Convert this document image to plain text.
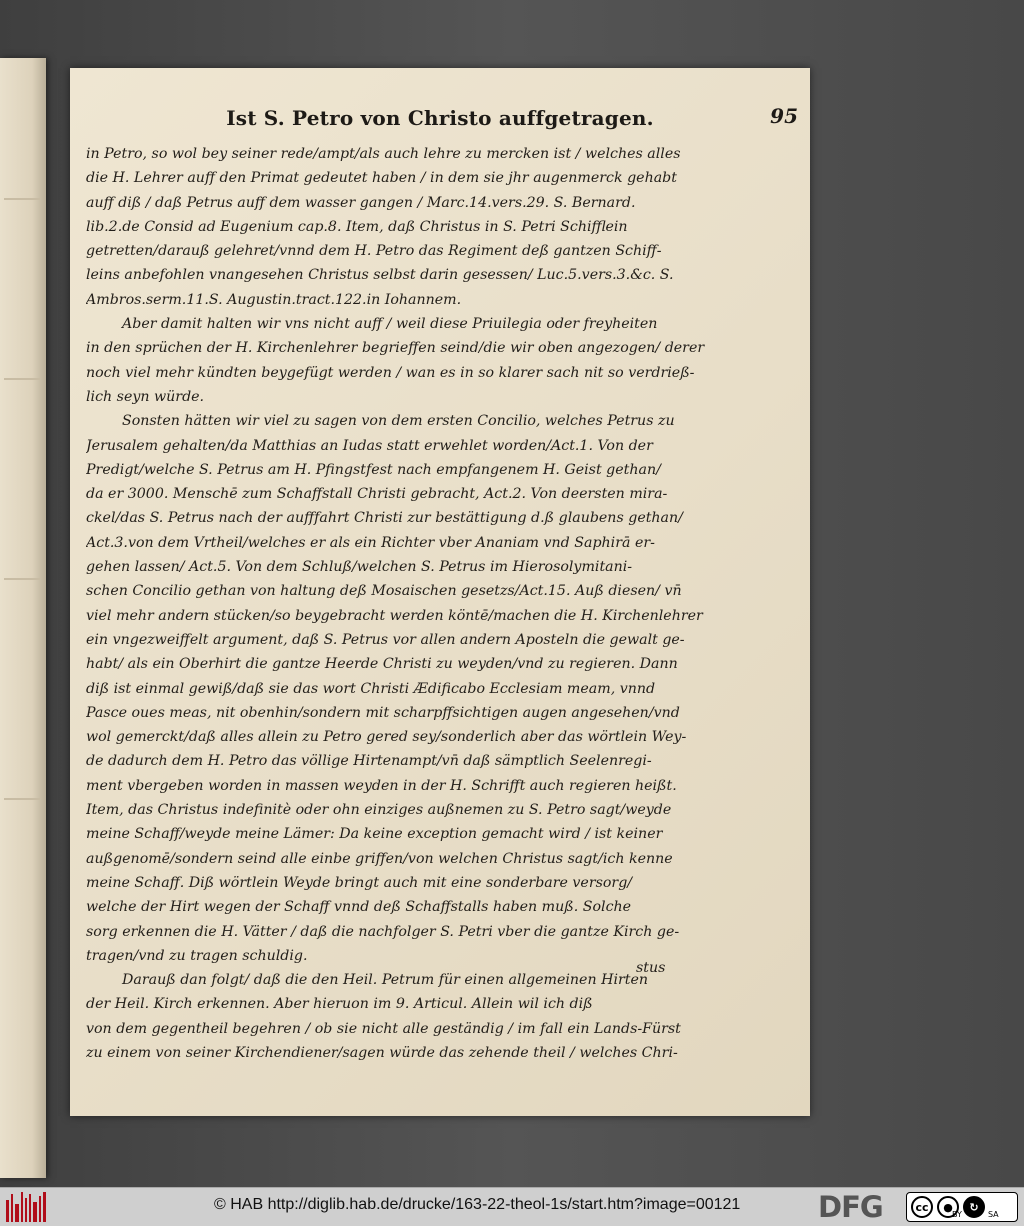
Ist S. Petro von Christo auffgetragen.	95
in Petro, so wol bey seiner rede/ampt/als auch lehre zu mercken ist / welches alles
die H. Lehrer auff den Primat gedeutet haben / in dem sie jhr augenmerck gehabt
auff diß / daß Petrus auff dem wasser gangen / Marc.14.vers.29. S. Bernard.
lib.2.de Consid ad Eugenium cap.8. Item, daß Christus in S. Petri Schifflein
getretten/darauß gelehret/vnnd dem H. Petro das Regiment deß gantzen Schiff-
leins anbefohlen vnangesehen Christus selbst darin gesessen/ Luc.5.vers.3.&c. S.
Ambros.serm.11.S. Augustin.tract.122.in Iohannem.
Aber damit halten wir vns nicht auff / weil diese Priuilegia oder freyheiten
in den sprüchen der H. Kirchenlehrer begrieffen seind/die wir oben angezogen/ derer
noch viel mehr kündten beygefügt werden / wan es in so klarer sach nit so verdrieß-
lich seyn würde.
Sonsten hätten wir viel zu sagen von dem ersten Concilio, welches Petrus zu
Jerusalem gehalten/da Matthias an Iudas statt erwehlet worden/Act.1. Von der
Predigt/welche S. Petrus am H. Pfingstfest nach empfangenem H. Geist gethan/
da er 3000. Menschē zum Schaffstall Christi gebracht, Act.2. Von deersten mira-
ckel/das S. Petrus nach der aufffahrt Christi zur bestättigung d.ß glaubens gethan/
Act.3.von dem Vrtheil/welches er als ein Richter vber Ananiam vnd Saphirā er-
gehen lassen/ Act.5. Von dem Schluß/welchen S. Petrus im Hierosolymitani-
schen Concilio gethan von haltung deß Mosaischen gesetzs/Act.15. Auß diesen/ vn̄
viel mehr andern stücken/so beygebracht werden köntē/machen die H. Kirchenlehrer
ein vngezweiffelt argument, daß S. Petrus vor allen andern Aposteln die gewalt ge-
habt/ als ein Oberhirt die gantze Heerde Christi zu weyden/vnd zu regieren. Dann
diß ist einmal gewiß/daß sie das wort Christi Ædificabo Ecclesiam meam, vnnd
Pasce oues meas, nit obenhin/sondern mit scharpffsichtigen augen angesehen/vnd
wol gemerckt/daß alles allein zu Petro gered sey/sonderlich aber das wörtlein Wey-
de dadurch dem H. Petro das völlige Hirtenampt/vn̄ daß sämptlich Seelenregi-
ment vbergeben worden in massen weyden in der H. Schrifft auch regieren heißt.
Item, das Christus indefinitè oder ohn einziges außnemen zu S. Petro sagt/weyde
meine Schaff/weyde meine Lämer: Da keine exception gemacht wird / ist keiner
außgenomē/sondern seind alle einbe griffen/von welchen Christus sagt/ich kenne
meine Schaff. Diß wörtlein Weyde bringt auch mit eine sonderbare versorg/
welche der Hirt wegen der Schaff vnnd deß Schaffstalls haben muß. Solche
sorg erkennen die H. Vätter / daß die nachfolger S. Petri vber die gantze Kirch ge-
tragen/vnd zu tragen schuldig.
Darauß dan folgt/ daß die den Heil. Petrum für einen allgemeinen Hirten
der Heil. Kirch erkennen. Aber hieruon im 9. Articul. Allein wil ich diß
von dem gegentheil begehren / ob sie nicht alle geständig / im fall ein Lands-Fürst
zu einem von seiner Kirchendiener/sagen würde das zehende theil / welches Chri-
stus
© HAB http://diglib.hab.de/drucke/163-22-theol-1s/start.htm?image=00121	DFG	cc	●	↻
BY	SA
